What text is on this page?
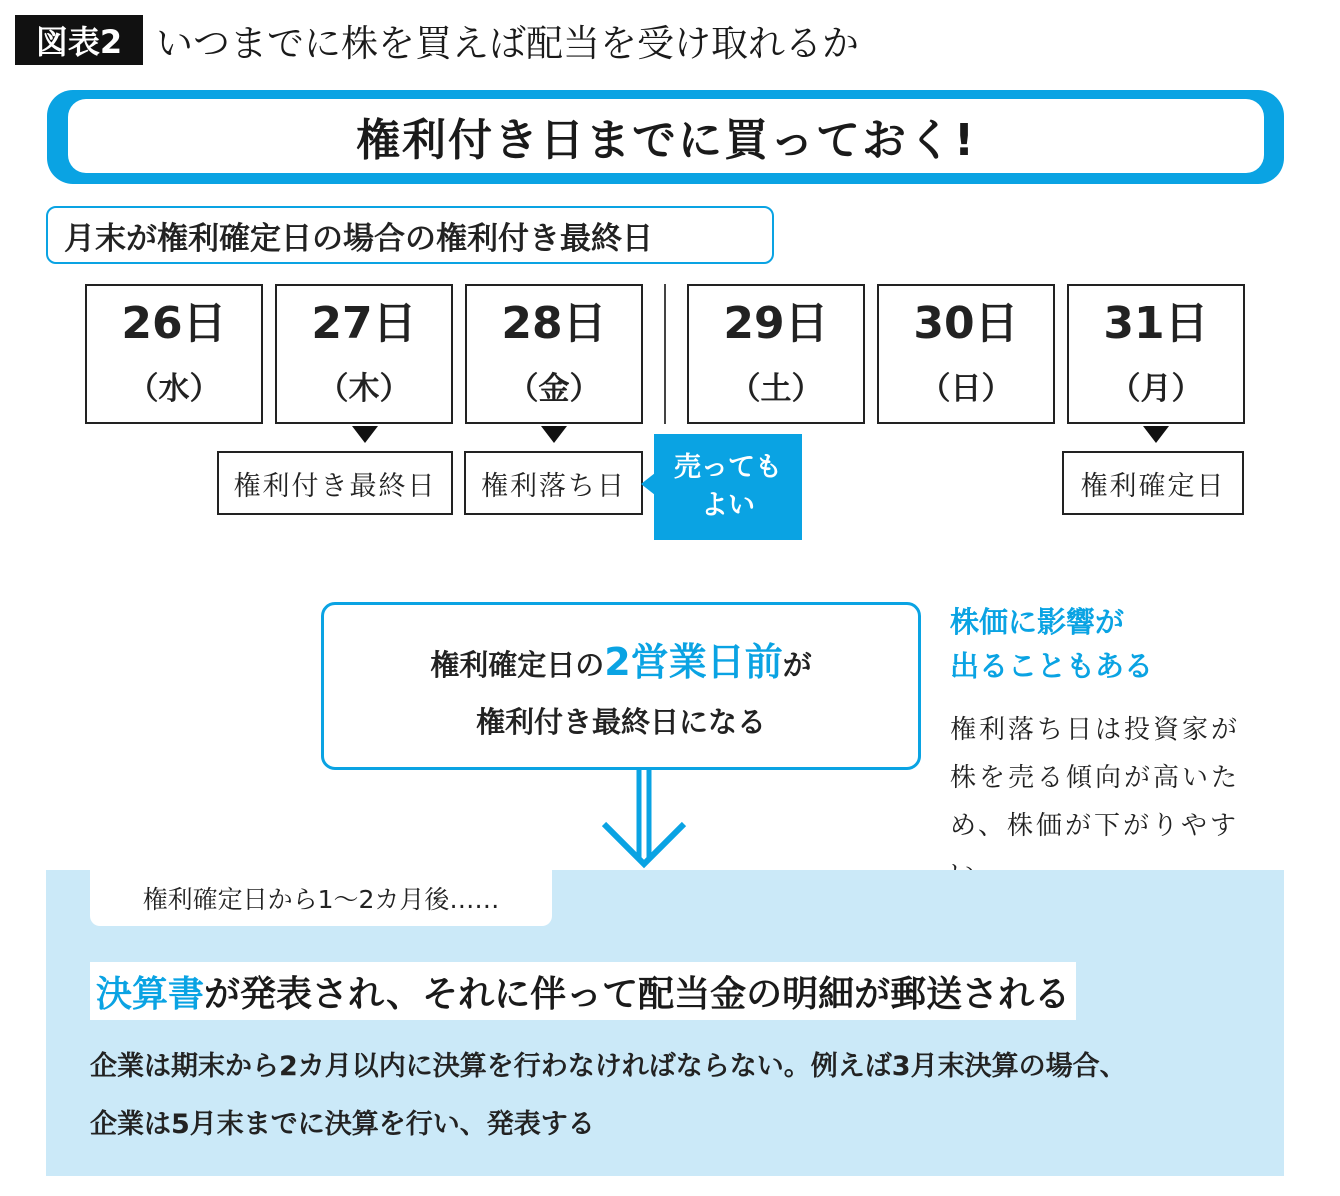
図表2 いつまでに株を買えば配当を受け取れるか
権利付き日までに買っておく!
月末が権利確定日の場合の権利付き最終日
26日
（水）
27日
（木）
28日
（金）
29日
（土）
30日
（日）
31日
（月）
権利付き最終日	権利落ち日	権利確定日
売っても
よい
権利確定日の 2営業日前 が
権利付き最終日になる
株価に影響が
出ることもある
権利落ち日は投資家が
株を売る傾向が高いた
め、株価が下がりやす
権利確定日から1〜2カ月後……
決算書 が発表され、それに伴って配当金の明細が郵送される
企業は期末から2カ月以内に決算を行わなければならない。例えば3月末決算の場合、
企業は5月末までに決算を行い、発表する
